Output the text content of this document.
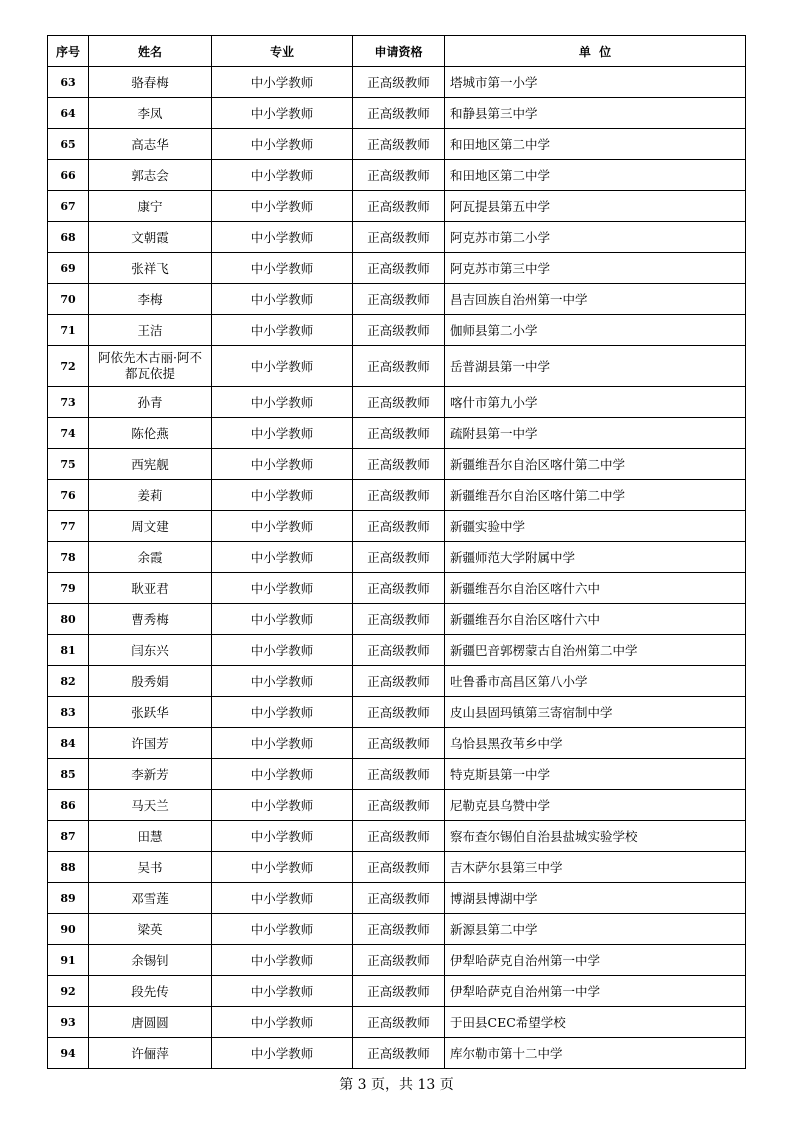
序号	姓名	专业	申请资格	单  位
63	骆春梅	中小学教师	正高级教师	塔城市第一小学
64	李凤	中小学教师	正高级教师	和静县第三中学
65	高志华	中小学教师	正高级教师	和田地区第二中学
66	郭志会	中小学教师	正高级教师	和田地区第二中学
67	康宁	中小学教师	正高级教师	阿瓦提县第五中学
68	文朝霞	中小学教师	正高级教师	阿克苏市第二小学
69	张祥飞	中小学教师	正高级教师	阿克苏市第三中学
70	李梅	中小学教师	正高级教师	昌吉回族自治州第一中学
71	王洁	中小学教师	正高级教师	伽师县第二小学
72	阿依先木古丽·阿不都瓦依提	中小学教师	正高级教师	岳普湖县第一中学
73	孙青	中小学教师	正高级教师	喀什市第九小学
74	陈伦燕	中小学教师	正高级教师	疏附县第一中学
75	西宪舰	中小学教师	正高级教师	新疆维吾尔自治区喀什第二中学
76	姜莉	中小学教师	正高级教师	新疆维吾尔自治区喀什第二中学
77	周文建	中小学教师	正高级教师	新疆实验中学
78	余霞	中小学教师	正高级教师	新疆师范大学附属中学
79	耿亚君	中小学教师	正高级教师	新疆维吾尔自治区喀什六中
80	曹秀梅	中小学教师	正高级教师	新疆维吾尔自治区喀什六中
81	闫东兴	中小学教师	正高级教师	新疆巴音郭楞蒙古自治州第二中学
82	殷秀娟	中小学教师	正高级教师	吐鲁番市高昌区第八小学
83	张跃华	中小学教师	正高级教师	皮山县固玛镇第三寄宿制中学
84	许国芳	中小学教师	正高级教师	乌恰县黑孜苇乡中学
85	李新芳	中小学教师	正高级教师	特克斯县第一中学
86	马天兰	中小学教师	正高级教师	尼勒克县乌赞中学
87	田慧	中小学教师	正高级教师	察布查尔锡伯自治县盐城实验学校
88	吴书	中小学教师	正高级教师	吉木萨尔县第三中学
89	邓雪莲	中小学教师	正高级教师	博湖县博湖中学
90	梁英	中小学教师	正高级教师	新源县第二中学
91	余锡钊	中小学教师	正高级教师	伊犁哈萨克自治州第一中学
92	段先传	中小学教师	正高级教师	伊犁哈萨克自治州第一中学
93	唐圆圆	中小学教师	正高级教师	于田县CEC希望学校
94	许俪萍	中小学教师	正高级教师	库尔勒市第十二中学
第 3 页，共 13 页
